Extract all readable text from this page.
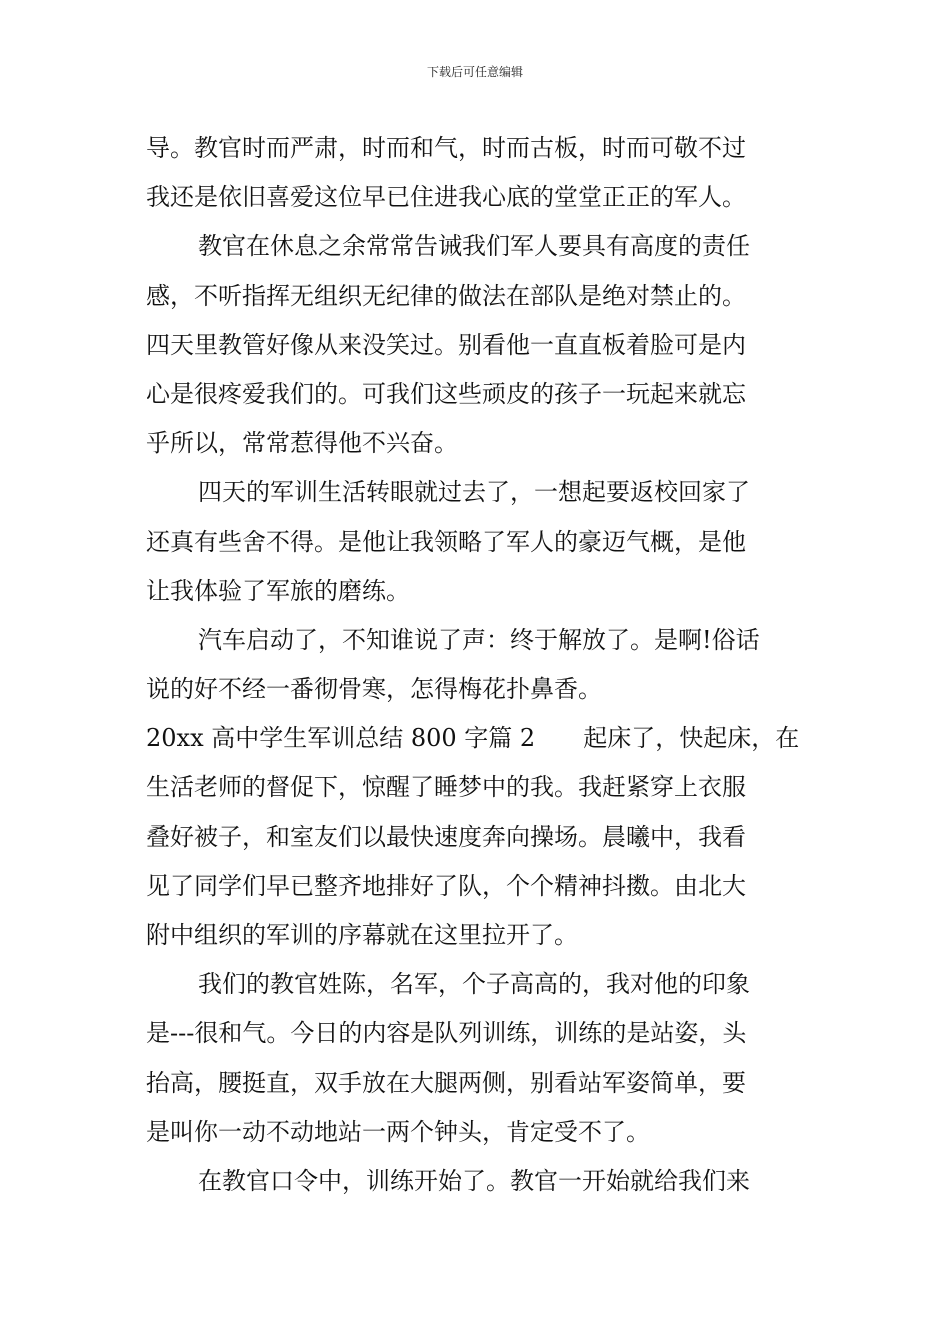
下载后可任意编辑
导。教官时而严肃，时而和气，时而古板，时而可敬不过
我还是依旧喜爱这位早已住进我心底的堂堂正正的军人。
教官在休息之余常常告诫我们军人要具有高度的责任
感，不听指挥无组织无纪律的做法在部队是绝对禁止的。
四天里教管好像从来没笑过。别看他一直直板着脸可是内
心是很疼爱我们的。可我们这些顽皮的孩子一玩起来就忘
乎所以，常常惹得他不兴奋。
四天的军训生活转眼就过去了，一想起要返校回家了
还真有些舍不得。是他让我领略了军人的豪迈气概，是他
让我体验了军旅的磨练。
汽车启动了，不知谁说了声：终于解放了。是啊!俗话
说的好不经一番彻骨寒，怎得梅花扑鼻香。
20xx 高中学生军训总结 800 字篇 2 起床了，快起床，在
生活老师的督促下，惊醒了睡梦中的我。我赶紧穿上衣服
叠好被子，和室友们以最快速度奔向操场。晨曦中，我看
见了同学们早已整齐地排好了队，个个精神抖擞。由北大
附中组织的军训的序幕就在这里拉开了。
我们的教官姓陈，名军，个子高高的，我对他的印象
是---很和气。今日的内容是队列训练，训练的是站姿，头
抬高，腰挺直，双手放在大腿两侧，别看站军姿简单，要
是叫你一动不动地站一两个钟头，肯定受不了。
在教官口令中，训练开始了。教官一开始就给我们来
